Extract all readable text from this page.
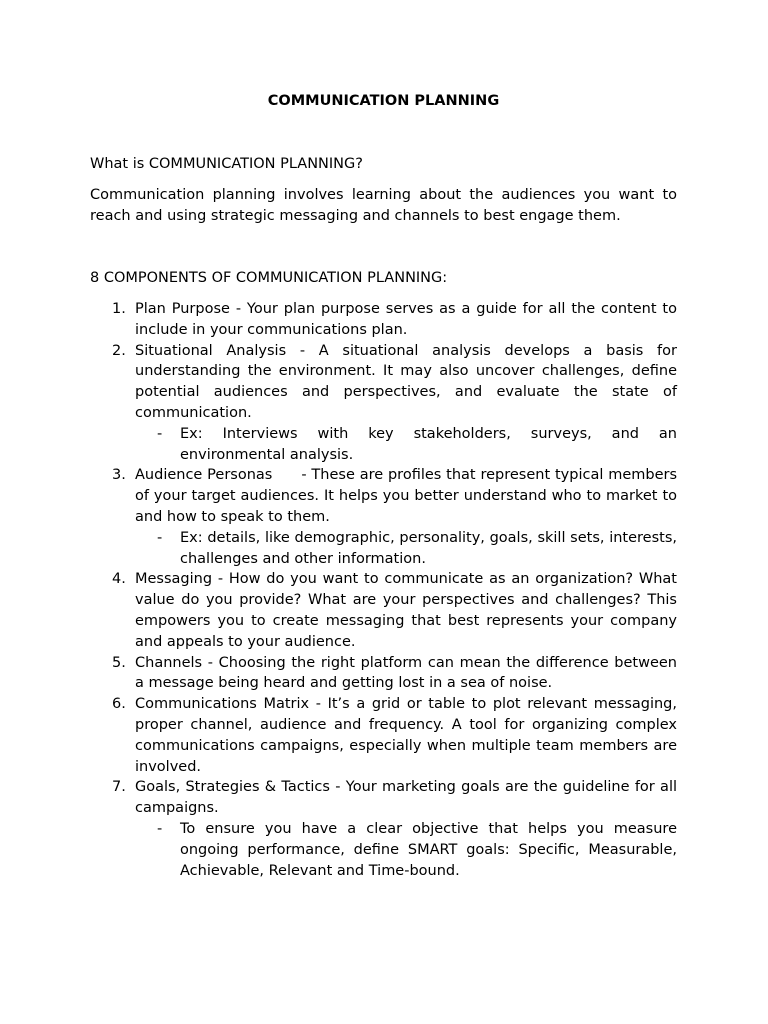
COMMUNICATION PLANNING

What is COMMUNICATION PLANNING?

Communication planning involves learning about the audiences you want to reach and using strategic messaging and channels to best engage them.

8 COMPONENTS OF COMMUNICATION PLANNING:

1. Plan Purpose - Your plan purpose serves as a guide for all the content to include in your communications plan.
2. Situational Analysis - A situational analysis develops a basis for understanding the environment. It may also uncover challenges, define potential audiences and perspectives, and evaluate the state of communication.
- Ex: Interviews with key stakeholders, surveys, and an environmental analysis.
3. Audience Personas      - These are profiles that represent typical members of your target audiences. It helps you better understand who to market to and how to speak to them.
- Ex: details, like demographic, personality, goals, skill sets, interests, challenges and other information.
4. Messaging - How do you want to communicate as an organization? What value do you provide? What are your perspectives and challenges? This empowers you to create messaging that best represents your company and appeals to your audience.
5. Channels - Choosing the right platform can mean the difference between a message being heard and getting lost in a sea of noise.
6. Communications Matrix - It’s a grid or table to plot relevant messaging, proper channel, audience and frequency. A tool for organizing complex communications campaigns, especially when multiple team members are involved.
7. Goals, Strategies & Tactics - Your marketing goals are the guideline for all campaigns.
- To ensure you have a clear objective that helps you measure ongoing performance, define SMART goals: Specific, Measurable, Achievable, Relevant and Time-bound.
